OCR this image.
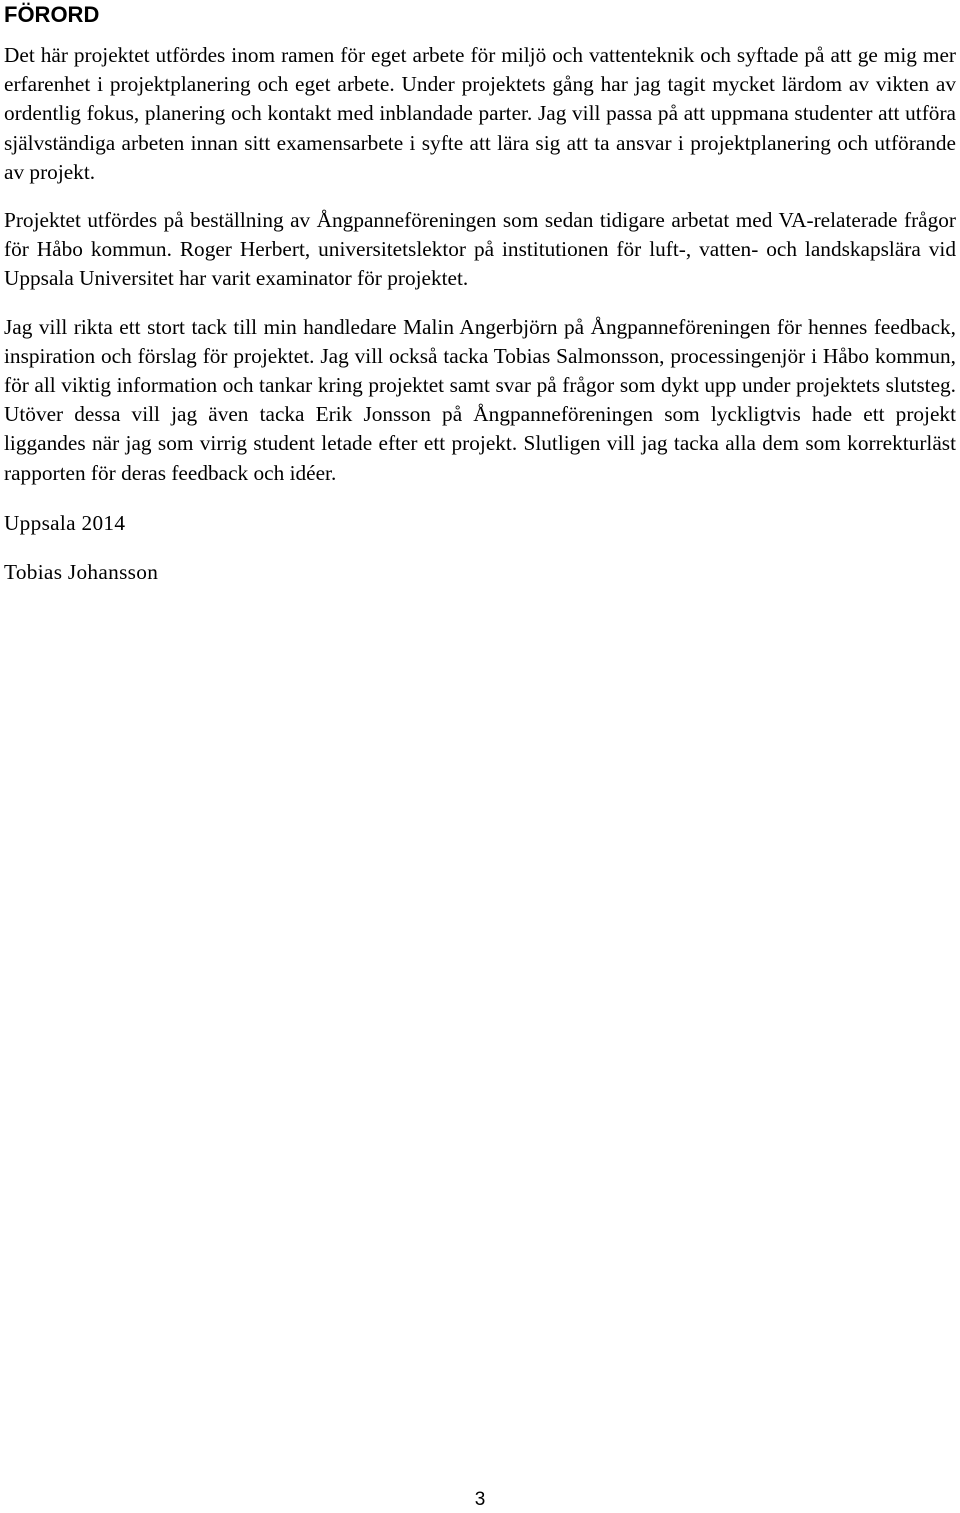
FÖRORD

Det här projektet utfördes inom ramen för eget arbete för miljö och vattenteknik och syftade på att ge mig mer erfarenhet i projektplanering och eget arbete. Under projektets gång har jag tagit mycket lärdom av vikten av ordentlig fokus, planering och kontakt med inblandade parter. Jag vill passa på att uppmana studenter att utföra självständiga arbeten innan sitt examensarbete i syfte att lära sig att ta ansvar i projektplanering och utförande av projekt.

Projektet utfördes på beställning av Ångpanneföreningen som sedan tidigare arbetat med VA-relaterade frågor för Håbo kommun. Roger Herbert, universitetslektor på institutionen för luft-, vatten- och landskapslära vid Uppsala Universitet har varit examinator för projektet.

Jag vill rikta ett stort tack till min handledare Malin Angerbjörn på Ångpanneföreningen för hennes feedback, inspiration och förslag för projektet. Jag vill också tacka Tobias Salmonsson, processingenjör i Håbo kommun, för all viktig information och tankar kring projektet samt svar på frågor som dykt upp under projektets slutsteg. Utöver dessa vill jag även tacka Erik Jonsson på Ångpanneföreningen som lyckligtvis hade ett projekt liggandes när jag som virrig student letade efter ett projekt. Slutligen vill jag tacka alla dem som korrekturläst rapporten för deras feedback och idéer.

Uppsala 2014

Tobias Johansson

3
